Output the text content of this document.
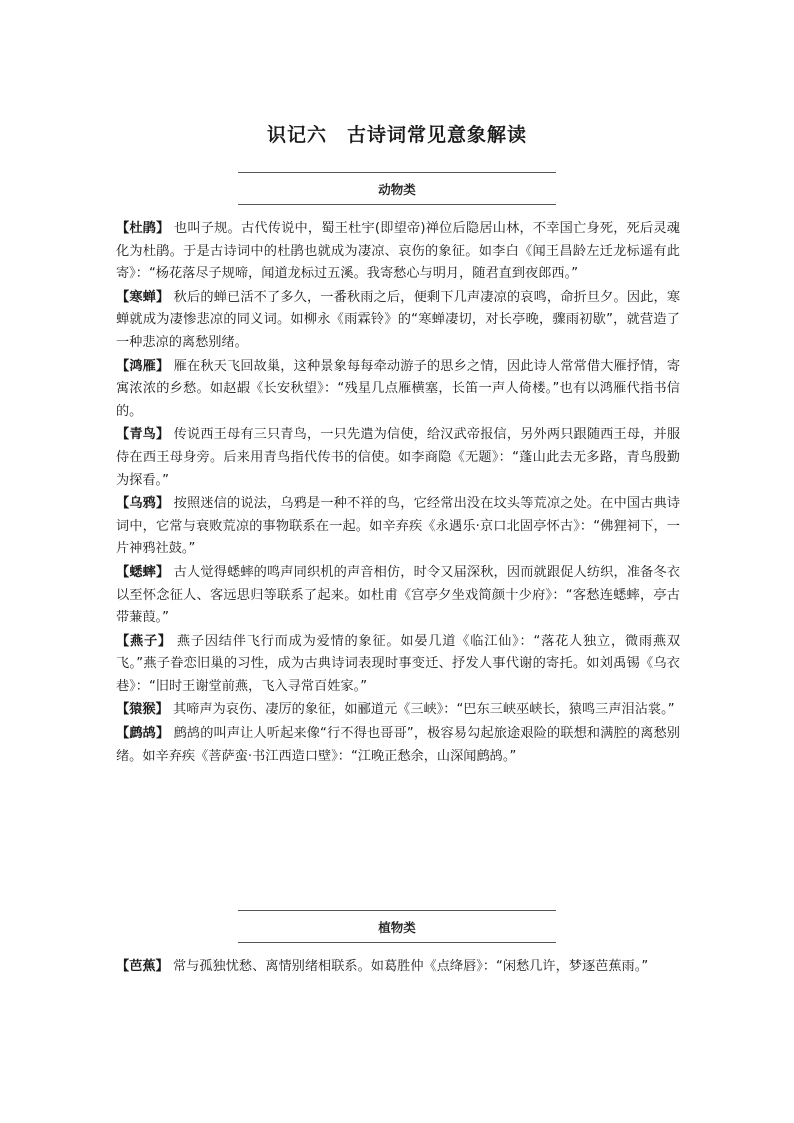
识记六　古诗词常见意象解读
动物类

【杜鹃】 也叫子规。古代传说中，蜀王杜宇(即望帝)禅位后隐居山林，不幸国亡身死，死后灵魂化为杜鹃。于是古诗词中的杜鹃也就成为凄凉、哀伤的象征。如李白《闻王昌龄左迁龙标遥有此寄》：“杨花落尽子规啼，闻道龙标过五溪。我寄愁心与明月，随君直到夜郎西。”

【寒蝉】 秋后的蝉已活不了多久，一番秋雨之后，便剩下几声凄凉的哀鸣，命折旦夕。因此，寒蝉就成为凄惨悲凉的同义词。如柳永《雨霖铃》的“寒蝉凄切，对长亭晚，骤雨初歇”，就营造了一种悲凉的离愁别绪。

【鸿雁】 雁在秋天飞回故巢，这种景象每每牵动游子的思乡之情，因此诗人常常借大雁抒情，寄寓浓浓的乡愁。如赵嘏《长安秋望》：“残星几点雁横塞，长笛一声人倚楼。”也有以鸿雁代指书信的。

【青鸟】 传说西王母有三只青鸟，一只先遣为信使，给汉武帝报信，另外两只跟随西王母，并服侍在西王母身旁。后来用青鸟指代传书的信使。如李商隐《无题》：“蓬山此去无多路，青鸟殷勤为探看。”

【乌鸦】 按照迷信的说法，乌鸦是一种不祥的鸟，它经常出没在坟头等荒凉之处。在中国古典诗词中，它常与衰败荒凉的事物联系在一起。如辛弃疾《永遇乐·京口北固亭怀古》：“佛狸祠下，一片神鸦社鼓。”

【蟋蟀】 古人觉得蟋蟀的鸣声同织机的声音相仿，时令又届深秋，因而就跟促人纺织，准备冬衣以至怀念征人、客远思归等联系了起来。如杜甫《宫亭夕坐戏简颜十少府》：“客愁连蟋蟀，亭古带蒹葭。”

【燕子】 燕子因结伴飞行而成为爱情的象征。如晏几道《临江仙》：“落花人独立，微雨燕双飞。”燕子眷恋旧巢的习性，成为古典诗词表现时事变迁、抒发人事代谢的寄托。如刘禹锡《乌衣巷》：“旧时王谢堂前燕，飞入寻常百姓家。”

【猿猴】 其啼声为哀伤、凄厉的象征，如郦道元《三峡》：“巴东三峡巫峡长，猿鸣三声泪沾裳。”

【鹧鸪】 鹧鸪的叫声让人听起来像“行不得也哥哥”，极容易勾起旅途艰险的联想和满腔的离愁别绪。如辛弃疾《菩萨蛮·书江西造口壁》：“江晚正愁余，山深闻鹧鸪。”

植物类

【芭蕉】 常与孤独忧愁、离情别绪相联系。如葛胜仲《点绛唇》：“闲愁几许，梦逐芭蕉雨。”
